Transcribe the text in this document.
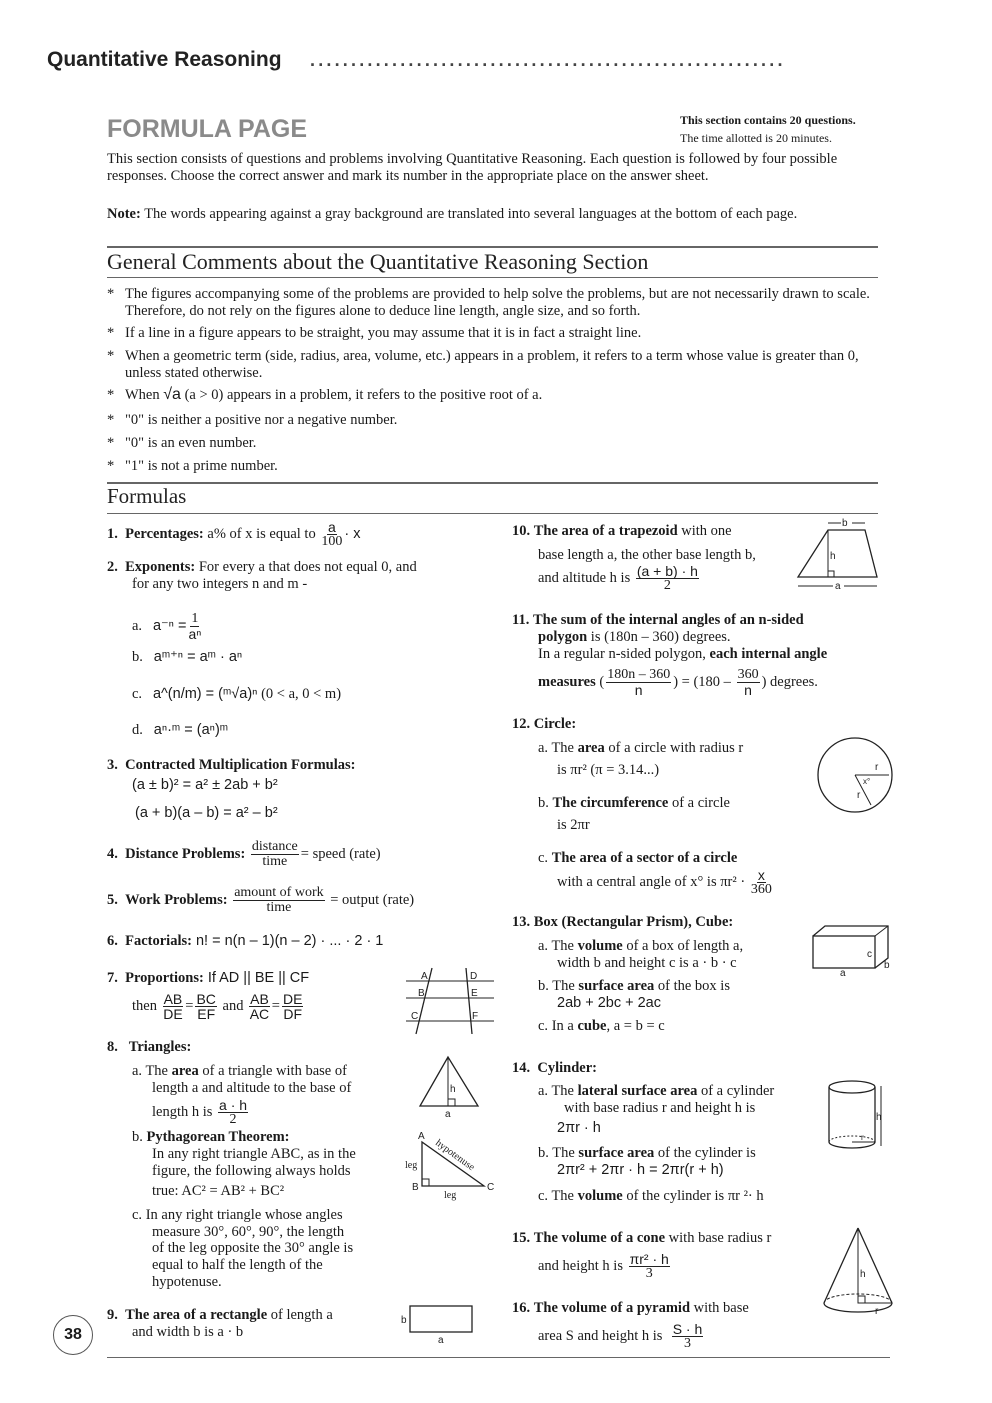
Quantitative Reasoning ..........................................................
FORMULA PAGE	This section contains 20 questions.
The time allotted is 20 minutes.
This section consists of questions and problems involving Quantitative Reasoning. Each question is followed by four possible responses. Choose the correct answer and mark its number in the appropriate place on the answer sheet.
Note: The words appearing against a gray background are translated into several languages at the bottom of each page.
General Comments about the Quantitative Reasoning Section
* The figures accompanying some of the problems are provided to help solve the problems, but are not necessarily drawn to scale. Therefore, do not rely on the figures alone to deduce line length, angle size, and so forth.
* If a line in a figure appears to be straight, you may assume that it is in fact a straight line.
* When a geometric term (side, radius, area, volume, etc.) appears in a problem, it refers to a term whose value is greater than 0, unless stated otherwise.
* When √a (a > 0) appears in a problem, it refers to the positive root of a.
* "0" is neither a positive nor a negative number.
* "0" is an even number.
* "1" is not a prime number.
Formulas
1. Percentages: a% of x is equal to $\frac{a}{100} \cdot x$
2. Exponents: For every a that does not equal 0, and
for any two integers n and m -
a. $a^{-n} = \frac{1}{\text{aⁿ}}$
b. aᵐ⁺ⁿ = aᵐ · aⁿ
c. a^(n/m) = (ᵐ√a)ⁿ (0 < a, 0 < m)
d. aⁿ·ᵐ = (aⁿ)ᵐ
3. Contracted Multiplication Formulas:
(a ± b)² = a² ± 2ab + b²
(a + b)(a – b) = a² – b²
4. Distance Problems: distance
time = speed (rate)
5. Work Problems: amount of work
time	= output (rate)
6. Factorials: n! = n(n – 1)(n – 2) · ... · 2 · 1
7. Proportions: If AD || BE || CF
then $\frac{AB}{DE} = \frac{BC}{EF}$ and $\frac{AB}{AC} = \frac{DE}{DF}$
A
B
C
D
E
F
8. Triangles:
a. The area of a triangle with base of
length a and altitude to the base of
length h is $\frac{a \cdot h}{2}$
h
a
b. Pythagorean Theorem:
In any right triangle ABC, as in the
figure, the following always holds
true: AC² = AB² + BC²
A
B	C
leg
leg
hypotenuse
c. In any right triangle whose angles
measure 30°, 60°, 90°, the length
of the leg opposite the 30° angle is
equal to half the length of the
hypotenuse.
9. The area of a rectangle of length a
and width b is a · b
b
a
38
10. The area of a trapezoid with one
base length a, the other base length b,
and altitude h is $\frac{(a + b) \cdot h}{2}$
h
b
a
11. The sum of the internal angles of an n-sided
polygon is (180n – 360) degrees.
In a regular n-sided polygon, each internal angle
measures ( $\frac{180n - 360}{n}$ ) = ($180 - \frac{360}{n}$ ) degrees.
12. Circle:
a. The area of a circle with radius r
is πr² (π = 3.14...)
b. The circumference of a circle
is 2πr
c. The area of a sector of a circle
with a central angle of x° is $\pi r^2 \cdot \frac{x}{360}$
r
x°
r
13. Box (Rectangular Prism), Cube:
a. The volume of a box of length a,
width b and height c is a · b · c
b. The surface area of the box is
2ab + 2bc + 2ac
c. In a cube, a = b = c
c
a
b
14. Cylinder:
a. The lateral surface area of a cylinder
with base radius r and height h is
2πr · h
b. The surface area of the cylinder is
2πr² + 2πr · h = 2πr(r + h)
c. The volume of the cylinder is πr ²· h
r
h
15. The volume of a cone with base radius r
and height h is $\frac{\text{πr² · h}}{3}$	h
r
16. The volume of a pyramid with base
area S and height h is $\frac{S \cdot h}{3}$
